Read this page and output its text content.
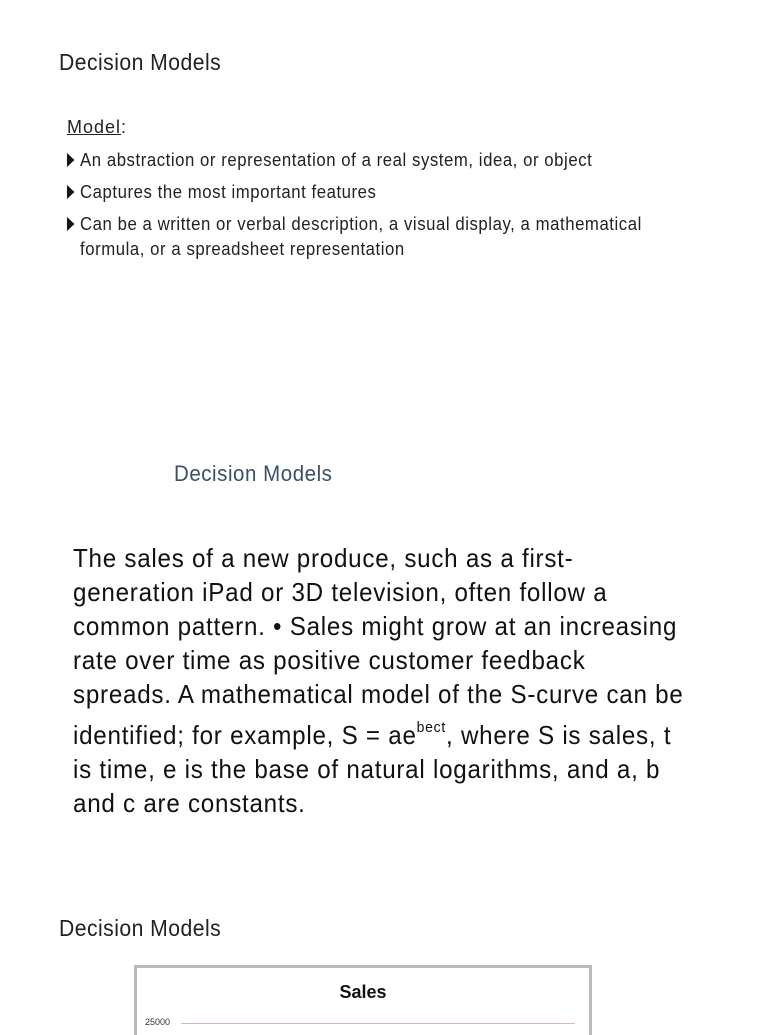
Decision Models
Model:
An abstraction or representation of a real system, idea, or object
Captures the most important features
Can be a written or verbal description, a visual display, a mathematical formula, or a spreadsheet representation
Decision Models
The sales of a new produce, such as a first-generation iPad or 3D television, often follow a common pattern. • Sales might grow at an increasing rate over time as positive customer feedback spreads. A mathematical model of the S-curve can be identified; for example, $S = ae^{bect}$, where S is sales, t is time, e is the base of natural logarithms, and a, b and c are constants.
Decision Models
Sales
25000
